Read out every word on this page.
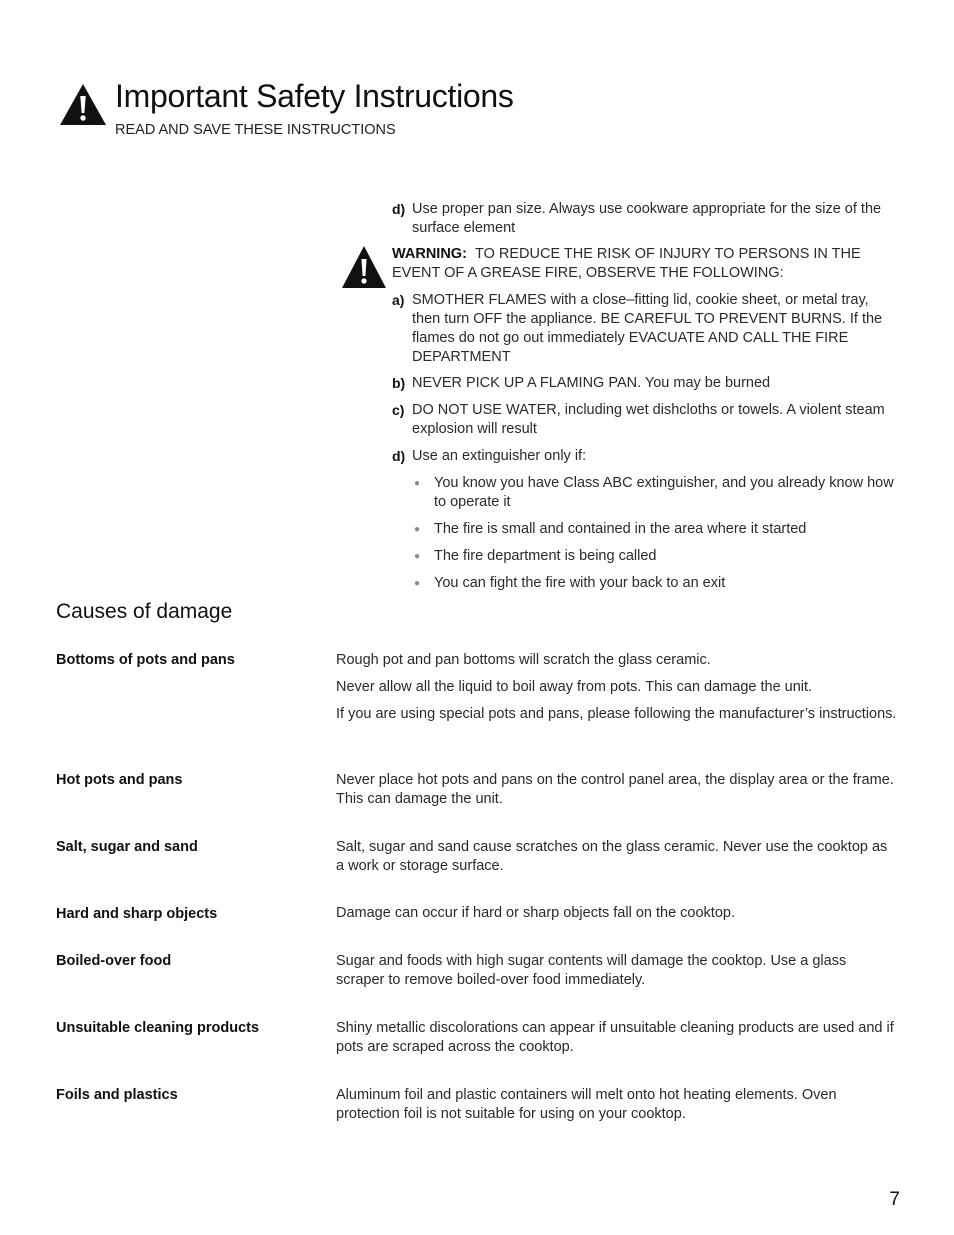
Important Safety Instructions
READ AND SAVE THESE INSTRUCTIONS
d) Use proper pan size. Always use cookware appropriate for the size of the surface element
WARNING: TO REDUCE THE RISK OF INJURY TO PERSONS IN THE EVENT OF A GREASE FIRE, OBSERVE THE FOLLOWING:
a) SMOTHER FLAMES with a close–fitting lid, cookie sheet, or metal tray, then turn OFF the appliance. BE CAREFUL TO PREVENT BURNS. If the flames do not go out immediately EVACUATE AND CALL THE FIRE DEPARTMENT
b) NEVER PICK UP A FLAMING PAN. You may be burned
c) DO NOT USE WATER, including wet dishcloths or towels. A violent steam explosion will result
d) Use an extinguisher only if:
● You know you have Class ABC extinguisher, and you already know how to operate it
● The fire is small and contained in the area where it started
● The fire department is being called
● You can fight the fire with your back to an exit
Causes of damage
Bottoms of pots and pans	Rough pot and pan bottoms will scratch the glass ceramic.
Never allow all the liquid to boil away from pots. This can damage the unit.
If you are using special pots and pans, please following the manufacturer’s instructions.
Hot pots and pans	Never place hot pots and pans on the control panel area, the display area or the frame. This can damage the unit.
Salt, sugar and sand	Salt, sugar and sand cause scratches on the glass ceramic. Never use the cooktop as a work or storage surface.
Hard and sharp objects	Damage can occur if hard or sharp objects fall on the cooktop.
Boiled-over food	Sugar and foods with high sugar contents will damage the cooktop. Use a glass scraper to remove boiled-over food immediately.
Unsuitable cleaning products	Shiny metallic discolorations can appear if unsuitable cleaning products are used and if pots are scraped across the cooktop.
Foils and plastics	Aluminum foil and plastic containers will melt onto hot heating elements. Oven protection foil is not suitable for using on your cooktop.
7
